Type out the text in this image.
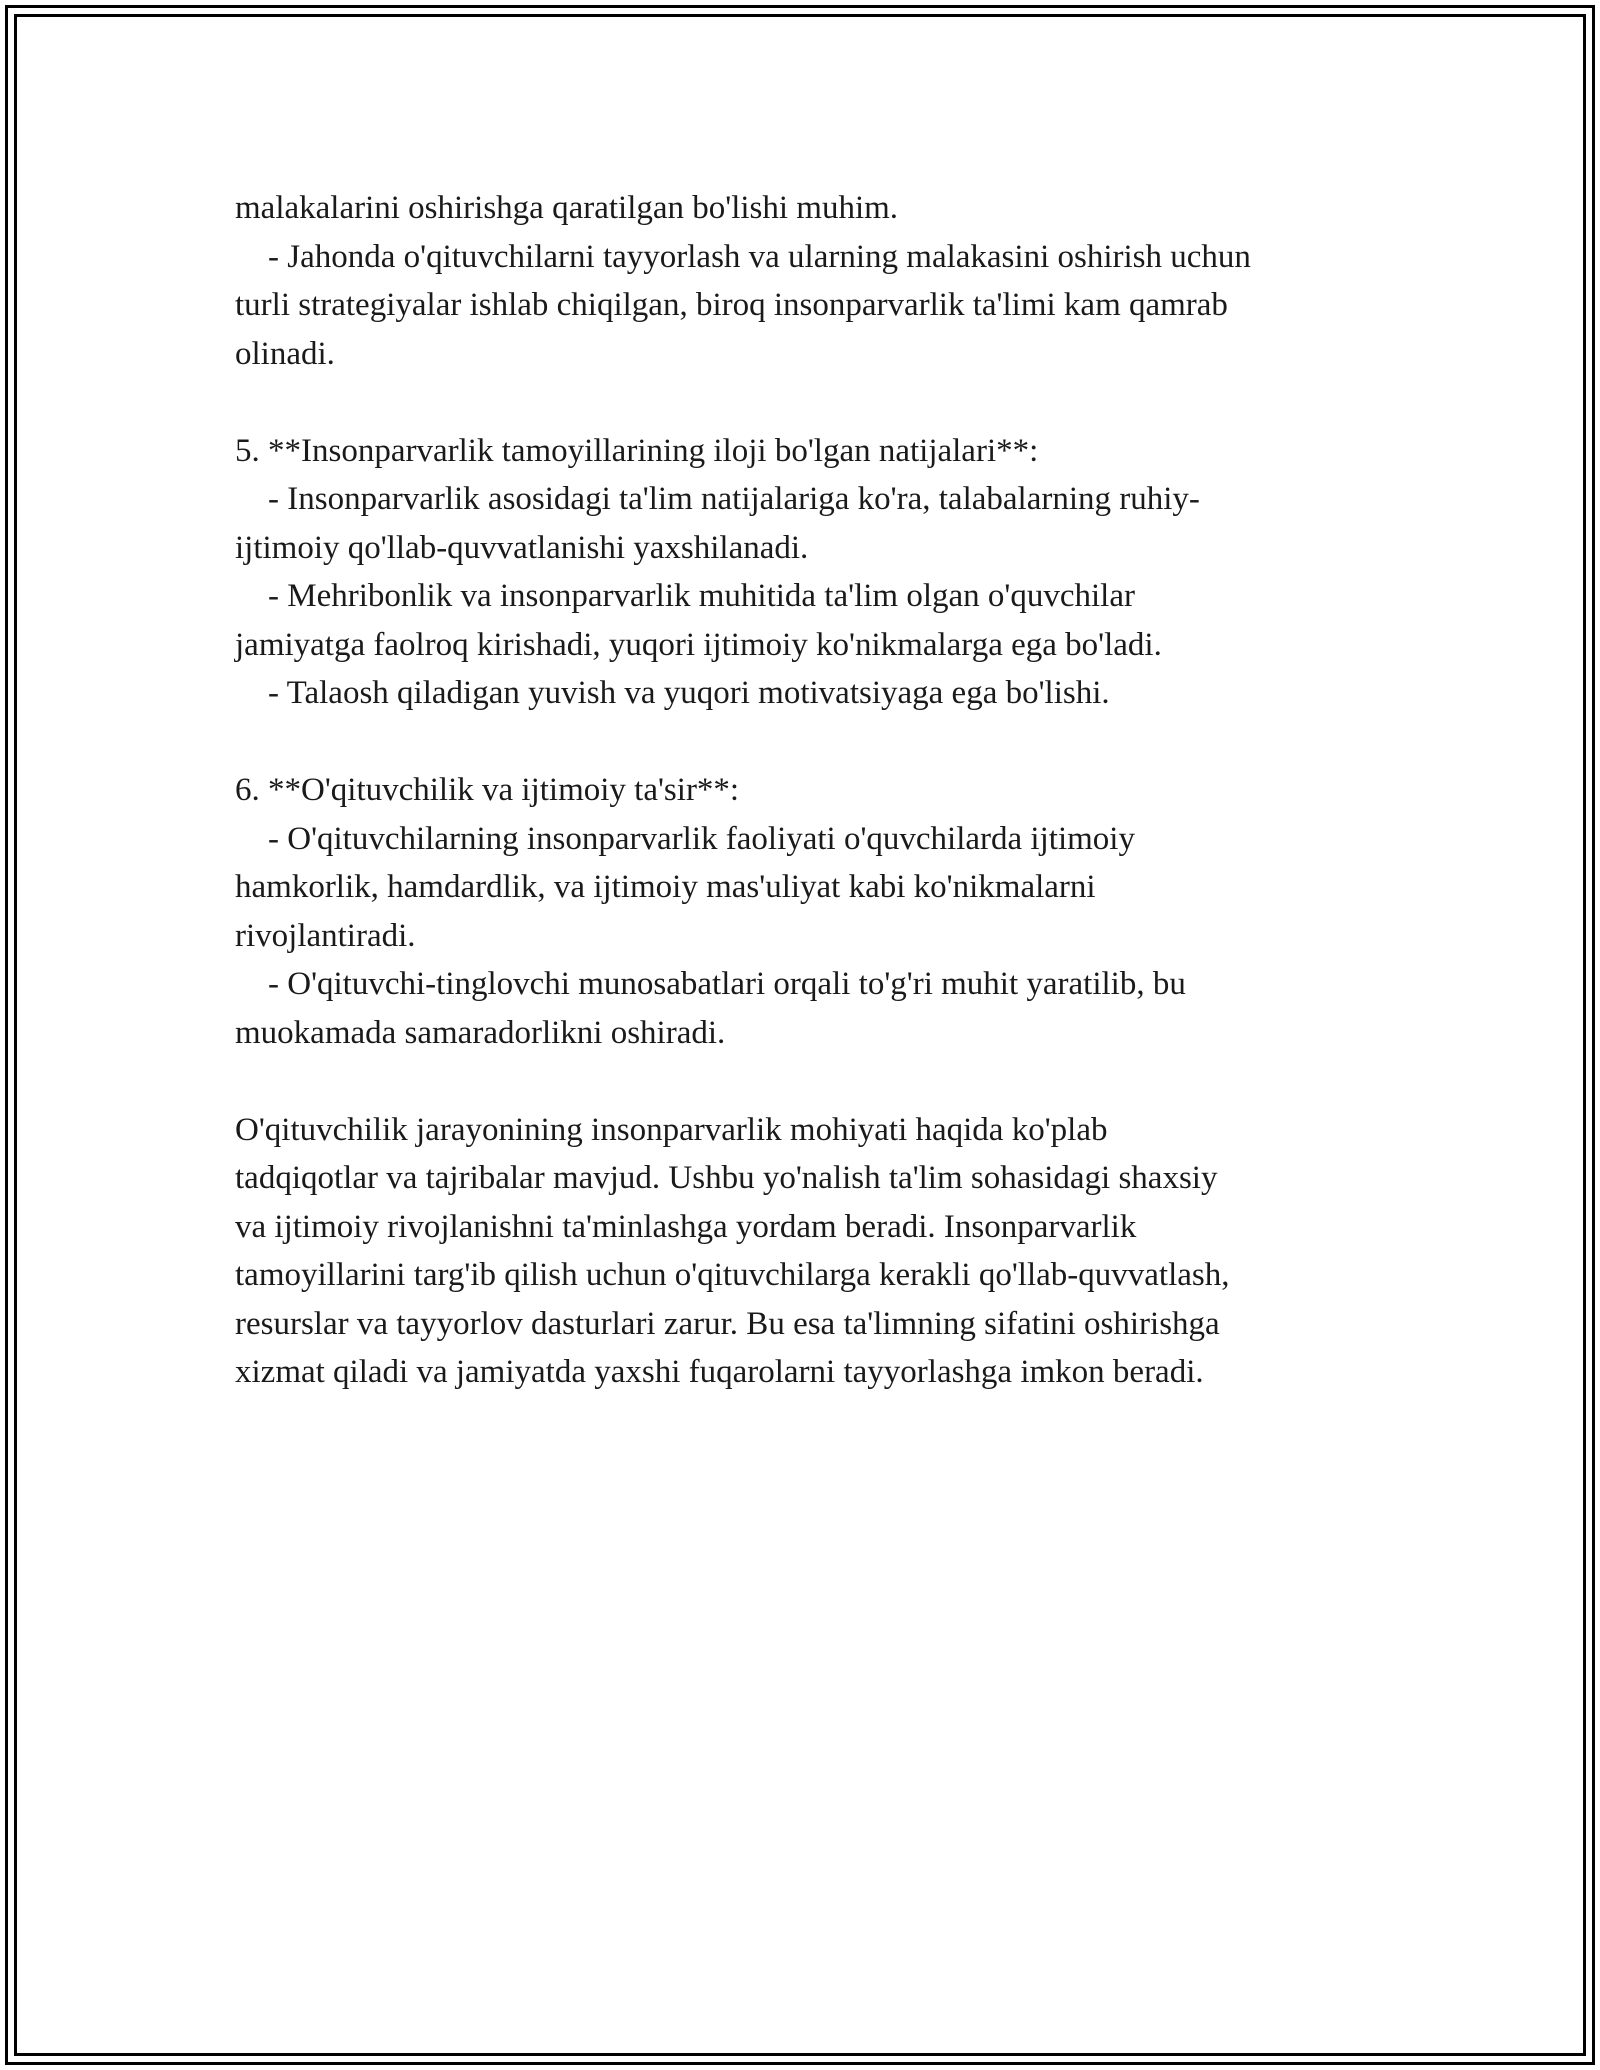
malakalarini oshirishga qaratilgan bo'lishi muhim.
- Jahonda o'qituvchilarni tayyorlash va ularning malakasini oshirish uchun
turli strategiyalar ishlab chiqilgan, biroq insonparvarlik ta'limi kam qamrab
olinadi.
5. **Insonparvarlik tamoyillarining iloji bo'lgan natijalari**:
- Insonparvarlik asosidagi ta'lim natijalariga ko'ra, talabalarning ruhiy-
ijtimoiy qo'llab-quvvatlanishi yaxshilanadi.
- Mehribonlik va insonparvarlik muhitida ta'lim olgan o'quvchilar
jamiyatga faolroq kirishadi, yuqori ijtimoiy ko'nikmalarga ega bo'ladi.
- Talaosh qiladigan yuvish va yuqori motivatsiyaga ega bo'lishi.
6. **O'qituvchilik va ijtimoiy ta'sir**:
- O'qituvchilarning insonparvarlik faoliyati o'quvchilarda ijtimoiy
hamkorlik, hamdardlik, va ijtimoiy mas'uliyat kabi ko'nikmalarni
rivojlantiradi.
- O'qituvchi-tinglovchi munosabatlari orqali to'g'ri muhit yaratilib, bu
muokamada samaradorlikni oshiradi.
O'qituvchilik jarayonining insonparvarlik mohiyati haqida ko'plab
tadqiqotlar va tajribalar mavjud. Ushbu yo'nalish ta'lim sohasidagi shaxsiy
va ijtimoiy rivojlanishni ta'minlashga yordam beradi. Insonparvarlik
tamoyillarini targ'ib qilish uchun o'qituvchilarga kerakli qo'llab-quvvatlash,
resurslar va tayyorlov dasturlari zarur. Bu esa ta'limning sifatini oshirishga
xizmat qiladi va jamiyatda yaxshi fuqarolarni tayyorlashga imkon beradi.
